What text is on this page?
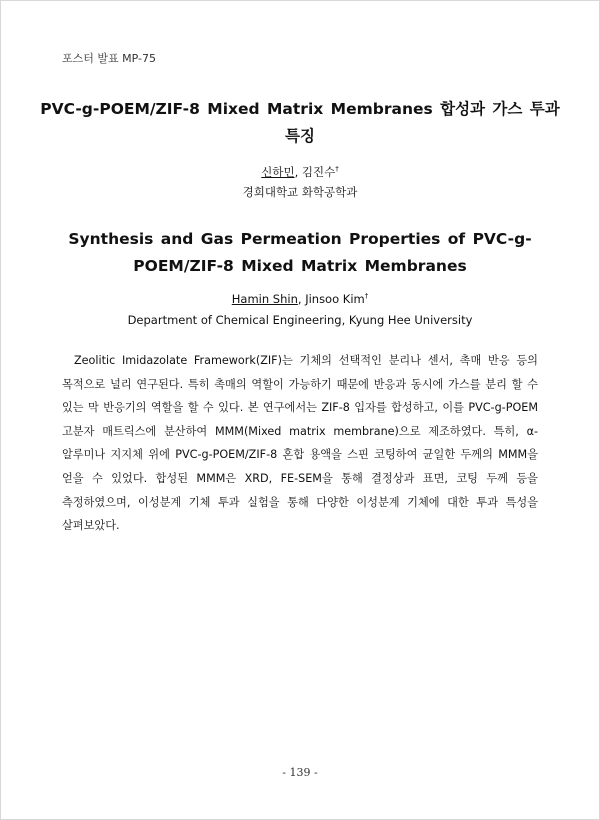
포스터 발표 MP-75
PVC-g-POEM/ZIF-8 Mixed Matrix Membranes 합성과 가스 투과 특징
신하민, 김진수†
경희대학교 화학공학과
Synthesis and Gas Permeation Properties of PVC-g-POEM/ZIF-8 Mixed Matrix Membranes
Hamin Shin, Jinsoo Kim†
Department of Chemical Engineering, Kyung Hee University

Zeolitic Imidazolate Framework(ZIF)는 기체의 선택적인 분리나 센서, 촉매 반응 등의 목적으로 널리 연구된다. 특히 촉매의 역할이 가능하기 때문에 반응과 동시에 가스를 분리 할 수 있는 막 반응기의 역할을 할 수 있다. 본 연구에서는 ZIF-8 입자를 합성하고, 이를 PVC-g-POEM 고분자 매트릭스에 분산하여 MMM(Mixed matrix membrane)으로 제조하였다. 특히, α-알루미나 지지체 위에 PVC-g-POEM/ZIF-8 혼합 용액을 스핀 코팅하여 균일한 두께의 MMM을 얻을 수 있었다. 합성된 MMM은 XRD, FE-SEM을 통해 결정상과 표면, 코팅 두께 등을 측정하였으며, 이성분계 기체 투과 실험을 통해 다양한 이성분계 기체에 대한 투과 특성을 살펴보았다.

- 139 -
